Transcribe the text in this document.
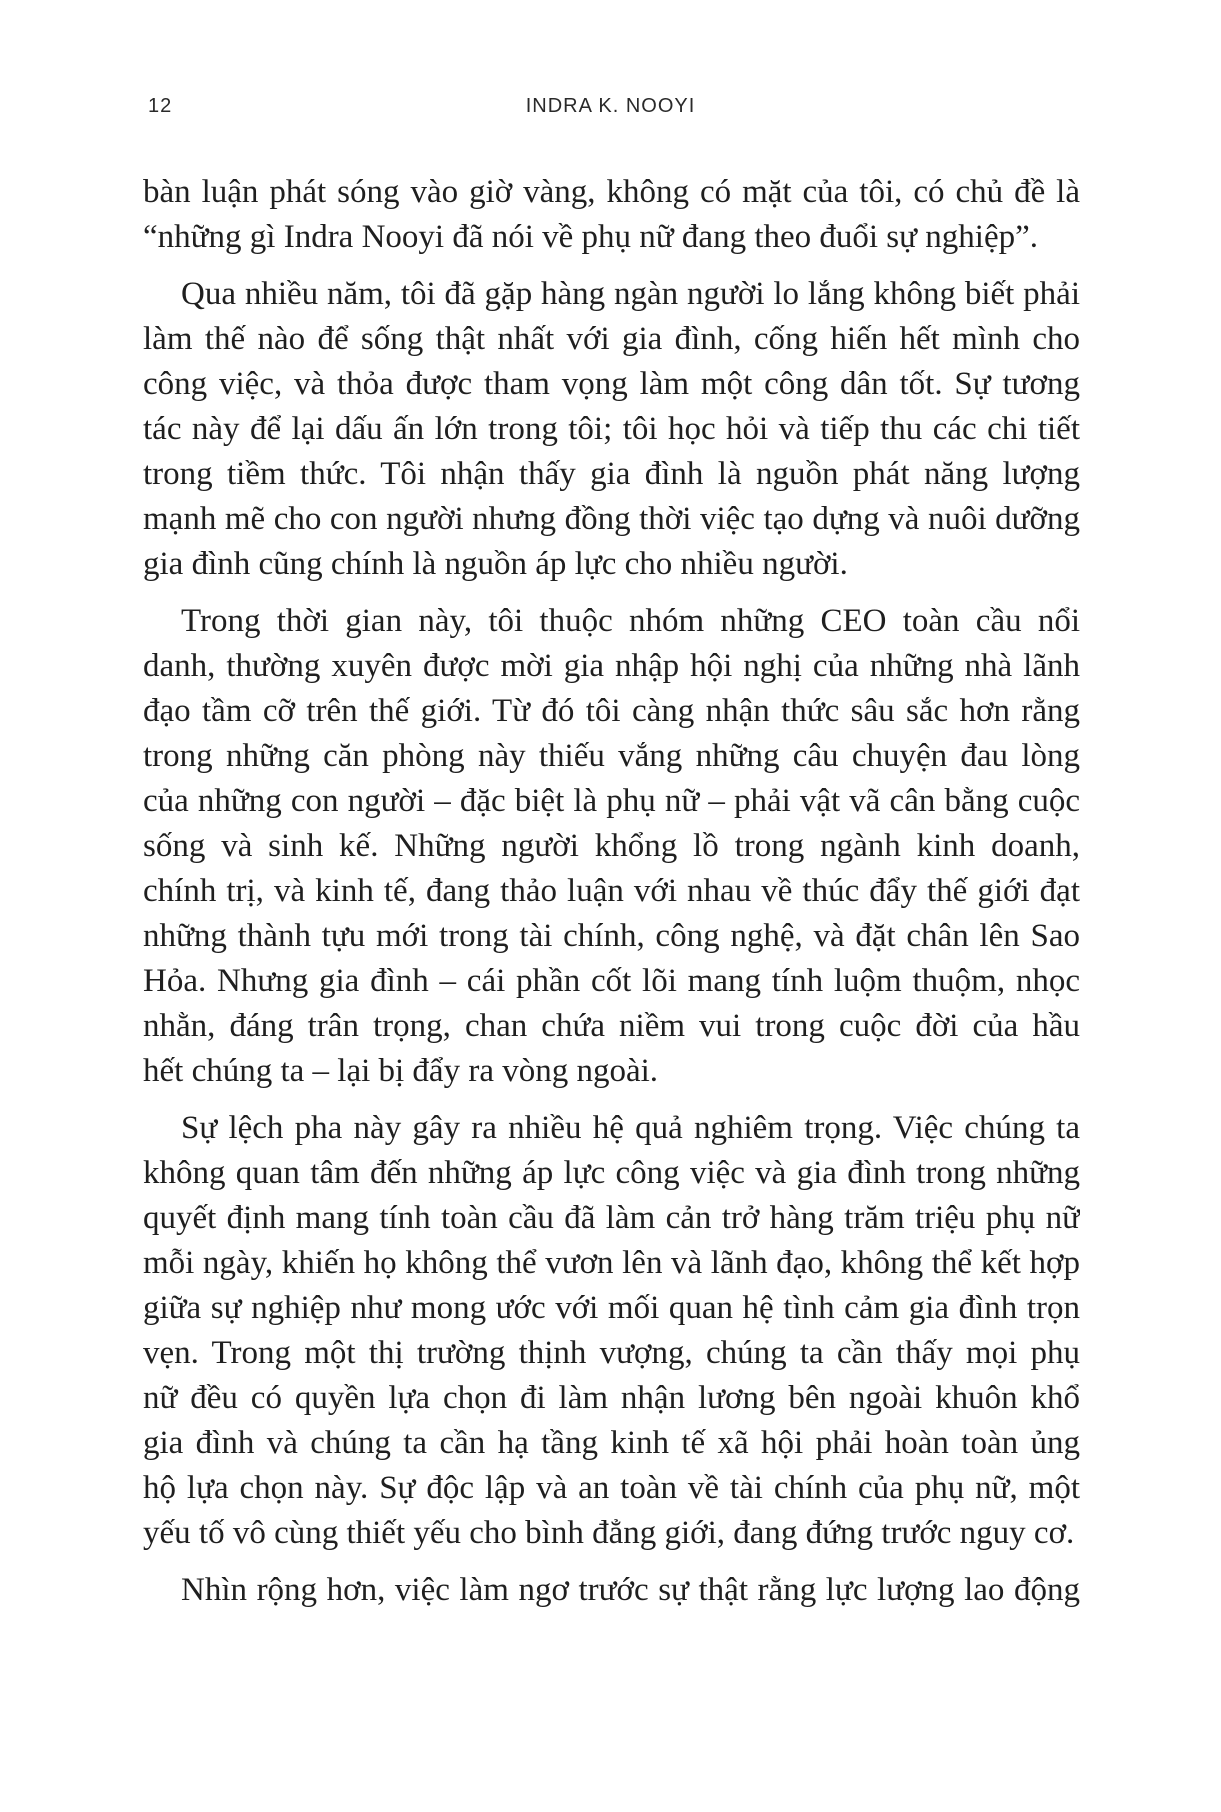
12	INDRA K. NOOYI
bàn luận phát sóng vào giờ vàng, không có mặt của tôi, có chủ đề là
“những gì Indra Nooyi đã nói về phụ nữ đang theo đuổi sự nghiệp”.
Qua nhiều năm, tôi đã gặp hàng ngàn người lo lắng không biết phải
làm thế nào để sống thật nhất với gia đình, cống hiến hết mình cho
công việc, và thỏa được tham vọng làm một công dân tốt. Sự tương
tác này để lại dấu ấn lớn trong tôi; tôi học hỏi và tiếp thu các chi tiết
trong tiềm thức. Tôi nhận thấy gia đình là nguồn phát năng lượng
mạnh mẽ cho con người nhưng đồng thời việc tạo dựng và nuôi dưỡng
gia đình cũng chính là nguồn áp lực cho nhiều người.
Trong thời gian này, tôi thuộc nhóm những CEO toàn cầu nổi
danh, thường xuyên được mời gia nhập hội nghị của những nhà lãnh
đạo tầm cỡ trên thế giới. Từ đó tôi càng nhận thức sâu sắc hơn rằng
trong những căn phòng này thiếu vắng những câu chuyện đau lòng
của những con người – đặc biệt là phụ nữ – phải vật vã cân bằng cuộc
sống và sinh kế. Những người khổng lồ trong ngành kinh doanh,
chính trị, và kinh tế, đang thảo luận với nhau về thúc đẩy thế giới đạt
những thành tựu mới trong tài chính, công nghệ, và đặt chân lên Sao
Hỏa. Nhưng gia đình – cái phần cốt lõi mang tính luộm thuộm, nhọc
nhằn, đáng trân trọng, chan chứa niềm vui trong cuộc đời của hầu
hết chúng ta – lại bị đẩy ra vòng ngoài.
Sự lệch pha này gây ra nhiều hệ quả nghiêm trọng. Việc chúng ta
không quan tâm đến những áp lực công việc và gia đình trong những
quyết định mang tính toàn cầu đã làm cản trở hàng trăm triệu phụ nữ
mỗi ngày, khiến họ không thể vươn lên và lãnh đạo, không thể kết hợp
giữa sự nghiệp như mong ước với mối quan hệ tình cảm gia đình trọn
vẹn. Trong một thị trường thịnh vượng, chúng ta cần thấy mọi phụ
nữ đều có quyền lựa chọn đi làm nhận lương bên ngoài khuôn khổ
gia đình và chúng ta cần hạ tầng kinh tế xã hội phải hoàn toàn ủng
hộ lựa chọn này. Sự độc lập và an toàn về tài chính của phụ nữ, một
yếu tố vô cùng thiết yếu cho bình đẳng giới, đang đứng trước nguy cơ.
Nhìn rộng hơn, việc làm ngơ trước sự thật rằng lực lượng lao động
